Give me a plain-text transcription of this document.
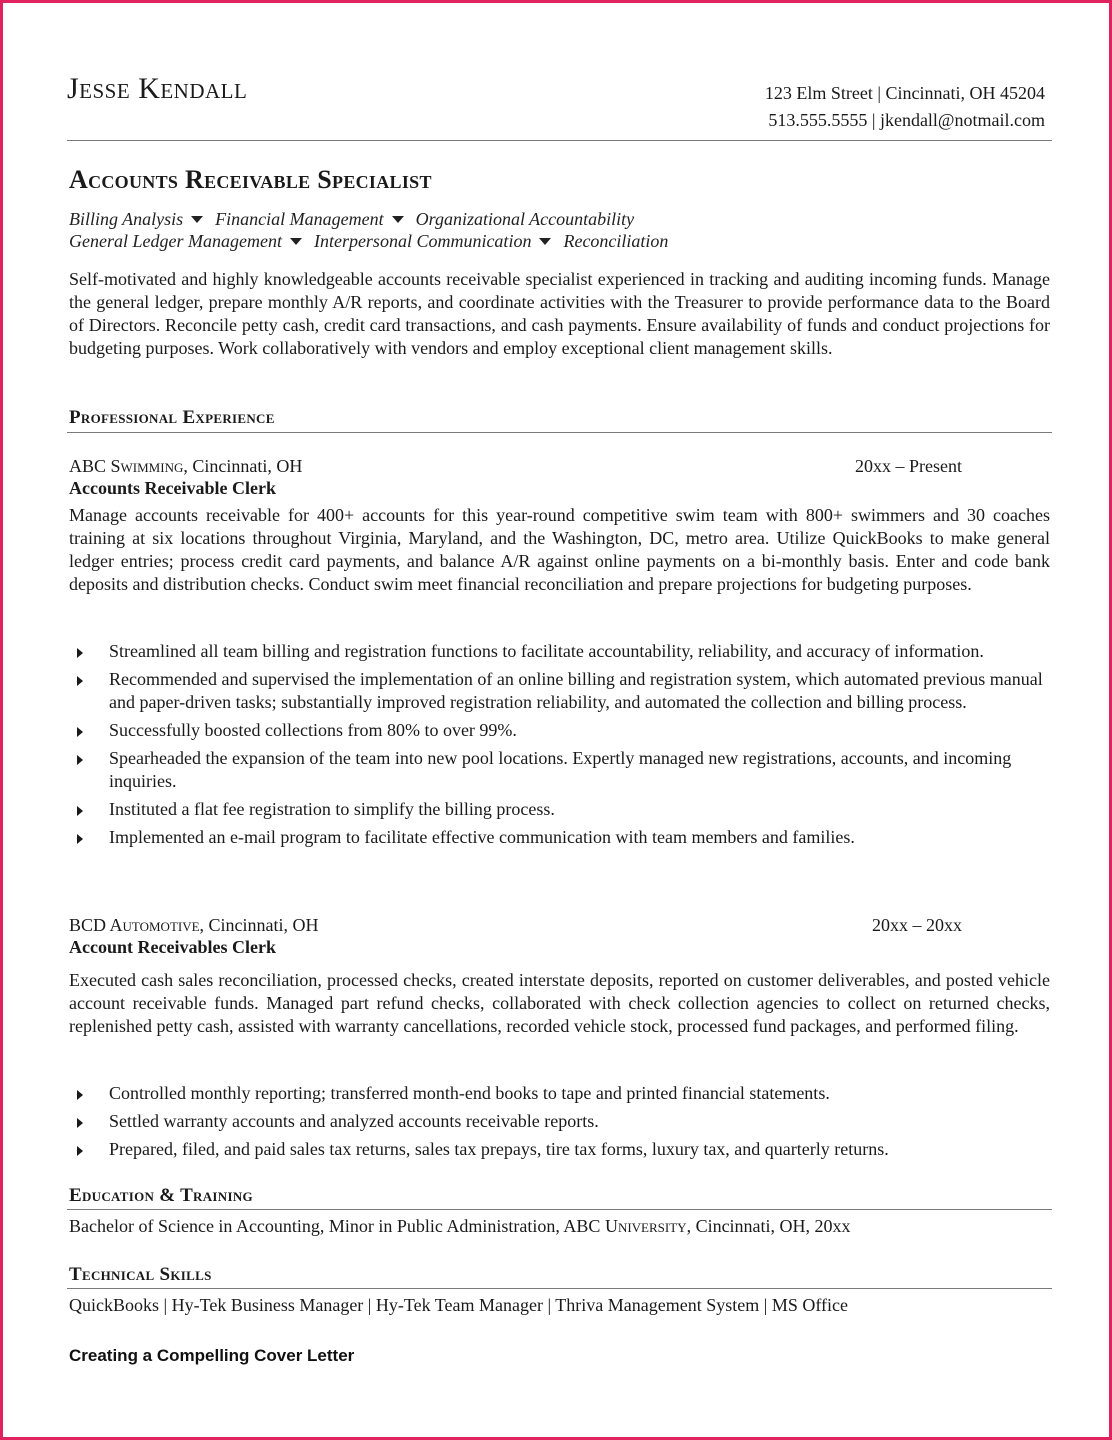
Jesse Kendall	123 Elm Street | Cincinnati, OH 45204
513.555.5555 | jkendall@notmail.com
Accounts Receivable Specialist
Billing Analysis Financial Management Organizational Accountability
General Ledger Management Interpersonal Communication Reconciliation
Self-motivated and highly knowledgeable accounts receivable specialist experienced in tracking and auditing incoming funds. Manage the general ledger, prepare monthly A/R reports, and coordinate activities with the Treasurer to provide performance data to the Board of Directors. Reconcile petty cash, credit card transactions, and cash payments. Ensure availability of funds and conduct projections for budgeting purposes. Work collaboratively with vendors and employ exceptional client management skills.
Professional Experience
ABC Swimming, Cincinnati, OH	20xx – Present
Accounts Receivable Clerk
Manage accounts receivable for 400+ accounts for this year-round competitive swim team with 800+ swimmers and 30 coaches training at six locations throughout Virginia, Maryland, and the Washington, DC, metro area. Utilize QuickBooks to make general ledger entries; process credit card payments, and balance A/R against online payments on a bi-monthly basis. Enter and code bank deposits and distribution checks. Conduct swim meet financial reconciliation and prepare projections for budgeting purposes.
Streamlined all team billing and registration functions to facilitate accountability, reliability, and accuracy of information.
Recommended and supervised the implementation of an online billing and registration system, which automated previous manual and paper-driven tasks; substantially improved registration reliability, and automated the collection and billing process.
Successfully boosted collections from 80% to over 99%.
Spearheaded the expansion of the team into new pool locations. Expertly managed new registrations, accounts, and incoming inquiries.
Instituted a flat fee registration to simplify the billing process.
Implemented an e-mail program to facilitate effective communication with team members and families.
BCD Automotive, Cincinnati, OH	20xx – 20xx
Account Receivables Clerk
Executed cash sales reconciliation, processed checks, created interstate deposits, reported on customer deliverables, and posted vehicle account receivable funds. Managed part refund checks, collaborated with check collection agencies to collect on returned checks, replenished petty cash, assisted with warranty cancellations, recorded vehicle stock, processed fund packages, and performed filing.
Controlled monthly reporting; transferred month-end books to tape and printed financial statements.
Settled warranty accounts and analyzed accounts receivable reports.
Prepared, filed, and paid sales tax returns, sales tax prepays, tire tax forms, luxury tax, and quarterly returns.
Education & Training
Bachelor of Science in Accounting, Minor in Public Administration, ABC University, Cincinnati, OH, 20xx
Technical Skills
QuickBooks | Hy-Tek Business Manager | Hy-Tek Team Manager | Thriva Management System | MS Office
Creating a Compelling Cover Letter
